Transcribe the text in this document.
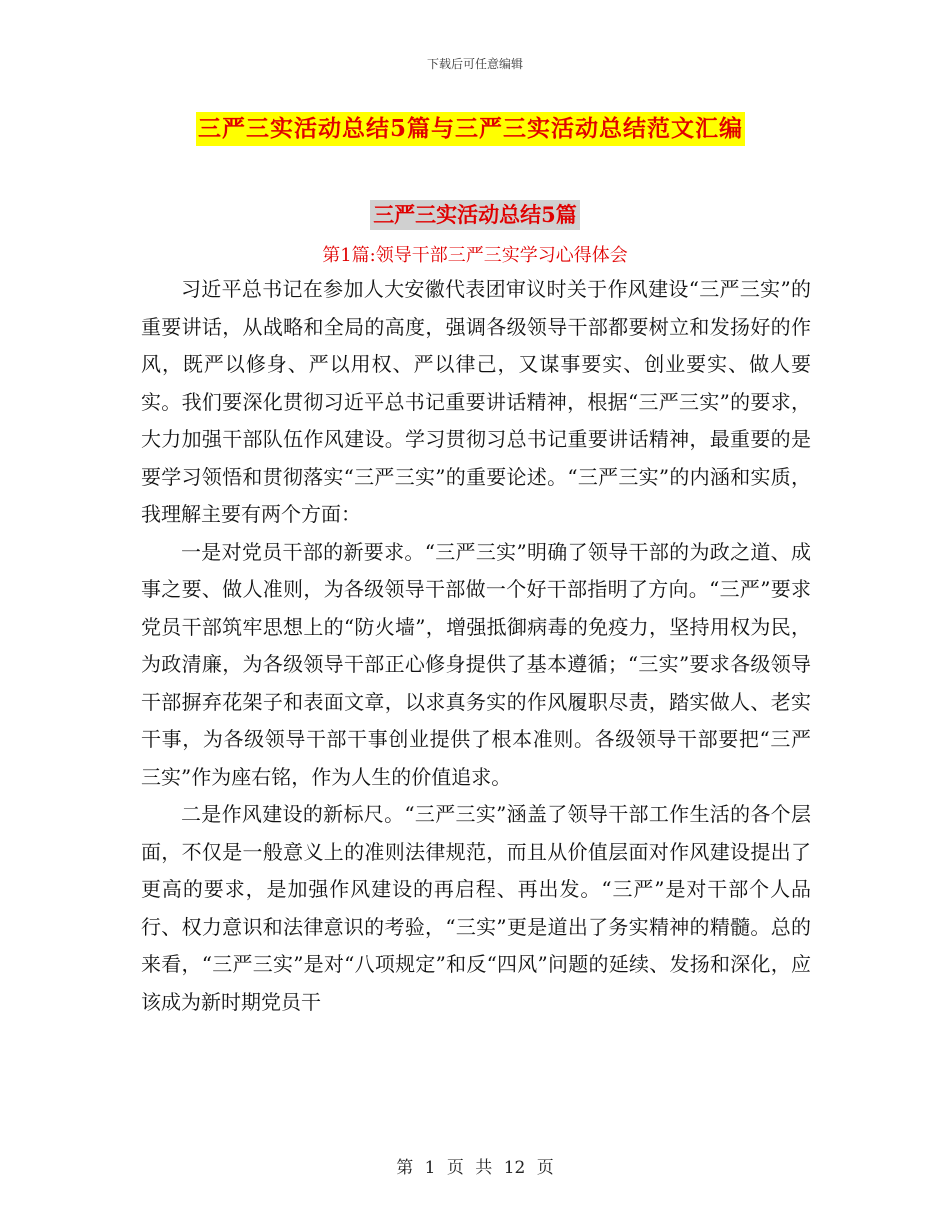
下载后可任意编辑
三严三实活动总结5篇与三严三实活动总结范文汇编
三严三实活动总结5篇
第1篇:领导干部三严三实学习心得体会

习近平总书记在参加人大安徽代表团审议时关于作风建设“三严三实”的重要讲话，从战略和全局的高度，强调各级领导干部都要树立和发扬好的作风，既严以修身、严以用权、严以律己，又谋事要实、创业要实、做人要实。我们要深化贯彻习近平总书记重要讲话精神，根据“三严三实”的要求，大力加强干部队伍作风建设。学习贯彻习总书记重要讲话精神，最重要的是要学习领悟和贯彻落实“三严三实”的重要论述。“三严三实”的内涵和实质，我理解主要有两个方面：

一是对党员干部的新要求。“三严三实”明确了领导干部的为政之道、成事之要、做人准则，为各级领导干部做一个好干部指明了方向。“三严”要求党员干部筑牢思想上的“防火墙”，增强抵御病毒的免疫力，坚持用权为民，为政清廉，为各级领导干部正心修身提供了基本遵循；“三实”要求各级领导干部摒弃花架子和表面文章，以求真务实的作风履职尽责，踏实做人、老实干事，为各级领导干部干事创业提供了根本准则。各级领导干部要把“三严三实”作为座右铭，作为人生的价值追求。

二是作风建设的新标尺。“三严三实”涵盖了领导干部工作生活的各个层面，不仅是一般意义上的准则法律规范，而且从价值层面对作风建设提出了更高的要求，是加强作风建设的再启程、再出发。“三严”是对干部个人品行、权力意识和法律意识的考验，“三实”更是道出了务实精神的精髓。总的来看，“三严三实”是对“八项规定”和反“四风”问题的延续、发扬和深化，应该成为新时期党员干

第 1 页 共 12 页
